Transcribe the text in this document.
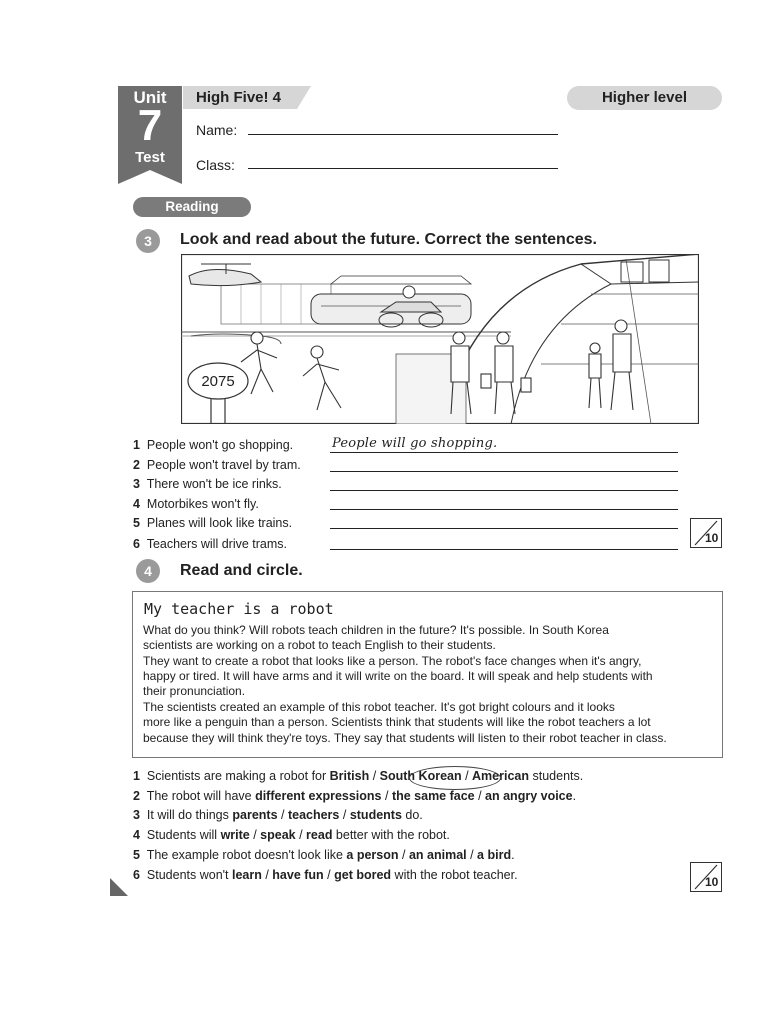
Unit
7
Test
High Five! 4	Higher level
Name:
Class:
Reading
3	Look and read about the future. Correct the sentences.
2075
1 People won't go shopping.	People will go shopping.
2 People won't travel by tram.
3 There won't be ice rinks.
4 Motorbikes won't fly.
5 Planes will look like trains.
6 Teachers will drive trams.	10
4	Read and circle.
My teacher is a robot
What do you think? Will robots teach children in the future? It's possible. In South Korea
scientists are working on a robot to teach English to their students.
They want to create a robot that looks like a person. The robot's face changes when it's angry,
happy or tired. It will have arms and it will write on the board. It will speak and help students with
their pronunciation.
The scientists created an example of this robot teacher. It's got bright colours and it looks
more like a penguin than a person. Scientists think that students will like the robot teachers a lot
because they will think they're toys. They say that students will listen to their robot teacher in class.
1 Scientists are making a robot for British / South Korean / American students.
2 The robot will have different expressions / the same face / an angry voice.
3 It will do things parents / teachers / students do.
4 Students will write / speak / read better with the robot.
5 The example robot doesn't look like a person / an animal / a bird.
6 Students won't learn / have fun / get bored with the robot teacher.	10
